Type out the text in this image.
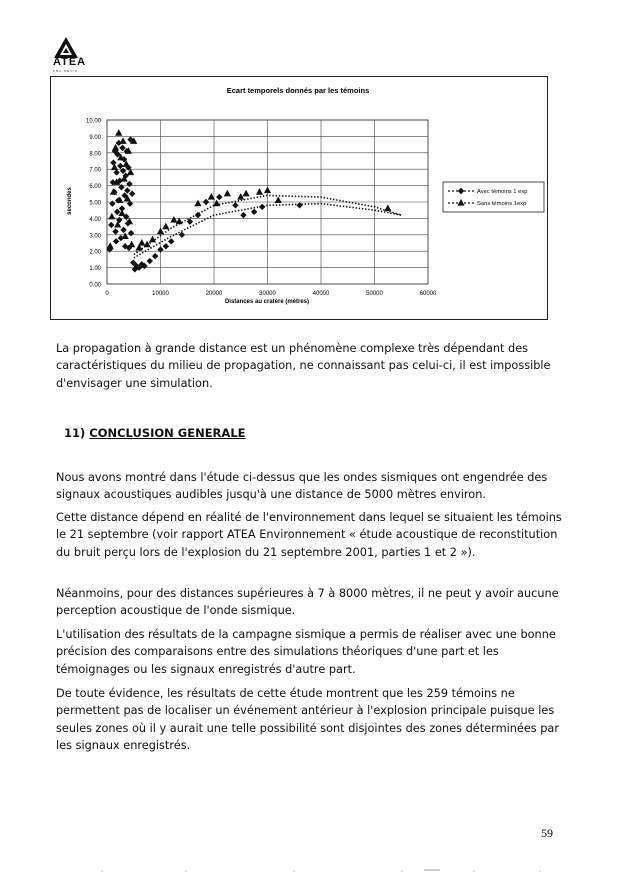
ATEA
ENV·ENVIR
Ecart temporels donnés par les témoins
0.00
1.00
2.00
3.00
4.00
5.00
6.00
7.00
8.00
9.00
10.00
0	10000	20000	30000	40000	50000	60000
Distances au cratère (mètres)
secondes	Avec témoins 1 exp
Sans témoins 1exp

La propagation à grande distance est un phénomène complexe très dépendant des caractéristiques du milieu de propagation, ne connaissant pas celui-ci, il est impossible d'envisager une simulation.

11) CONCLUSION GENERALE

Nous avons montré dans l'étude ci-dessus que les ondes sismiques ont engendrée des signaux acoustiques audibles jusqu'à une distance de 5000 mètres environ.

Cette distance dépend en réalité de l'environnement dans lequel se situaient les témoins le 21 septembre (voir rapport ATEA Environnement « étude acoustique de reconstitution du bruit perçu lors de l'explosion du 21 septembre 2001, parties 1 et 2 »).

Néanmoins, pour des distances supérieures à 7 à 8000 mètres, il ne peut y avoir aucune perception acoustique de l'onde sismique.

L'utilisation des résultats de la campagne sismique a permis de réaliser avec une bonne précision des comparaisons entre des simulations théoriques d'une part et les témoignages ou les signaux enregistrés d'autre part.

De toute évidence, les résultats de cette étude montrent que les 259 témoins ne permettent pas de localiser un événement antérieur à l'explosion principale puisque les seules zones où il y aurait une telle possibilité sont disjointes des zones déterminées par les signaux enregistrés.

59
